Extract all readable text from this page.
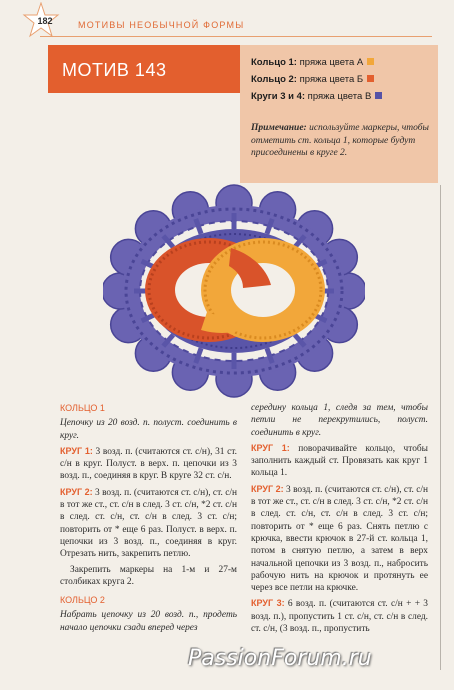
182	МОТИВЫ НЕОБЫЧНОЙ ФОРМЫ
МОТИВ 143	Кольцо 1: пряжа цвета А
Кольцо 2: пряжа цвета Б
Круги 3 и 4: пряжа цвета В
Примечание: используйте маркеры, чтобы отметить ст. кольца 1, которые будут присоединены в круге 2.

КОЛЬЦО 1

Цепочку из 20 возд. п. полуст. соединить в круг.

КРУГ 1: 3 возд. п. (считаются ст. с/н), 31 ст. с/н в круг. Полуст. в верх. п. цепочки из 3 возд. п., соединяя в круг. В круге 32 ст. с/н.

КРУГ 2: 3 возд. п. (считаются ст. с/н), ст. с/н в тот же ст., ст. с/н в след. 3 ст. с/н, *2 ст. с/н в след. ст. с/н, ст. с/н в след. 3 ст. с/н; повторить от * еще 6 раз. Полуст. в верх. п. цепочки из 3 возд. п., соединяя в круг. Отрезать нить, закрепить петлю.

Закрепить маркеры на 1-м и 27-м столбиках круга 2.

КОЛЬЦО 2

Набрать цепочку из 20 возд. п., продеть начало цепочки сзади вперед через

середину кольца 1, следя за тем, чтобы петли не перекрутились, полуст. соединить в круг.

КРУГ 1: поворачивайте кольцо, чтобы заполнить каждый ст. Провязать как круг 1 кольца 1.

КРУГ 2: 3 возд. п. (считаются ст. с/н), ст. с/н в тот же ст., ст. с/н в след. 3 ст. с/н, *2 ст. с/н в след. ст. с/н, ст. с/н в след. 3 ст. с/н; повторить от * еще 6 раз. Снять петлю с крючка, ввести крючок в 27-й ст. кольца 1, потом в снятую петлю, а затем в верх начальной цепочки из 3 возд. п., набросить рабочую нить на крючок и протянуть ее через все петли на крючке.

КРУГ 3: 6 возд. п. (считаются ст. с/н + + 3 возд. п.), пропустить 1 ст. с/н, ст. с/н в след. ст. с/н, (3 возд. п., пропустить

PassionForum.ru
